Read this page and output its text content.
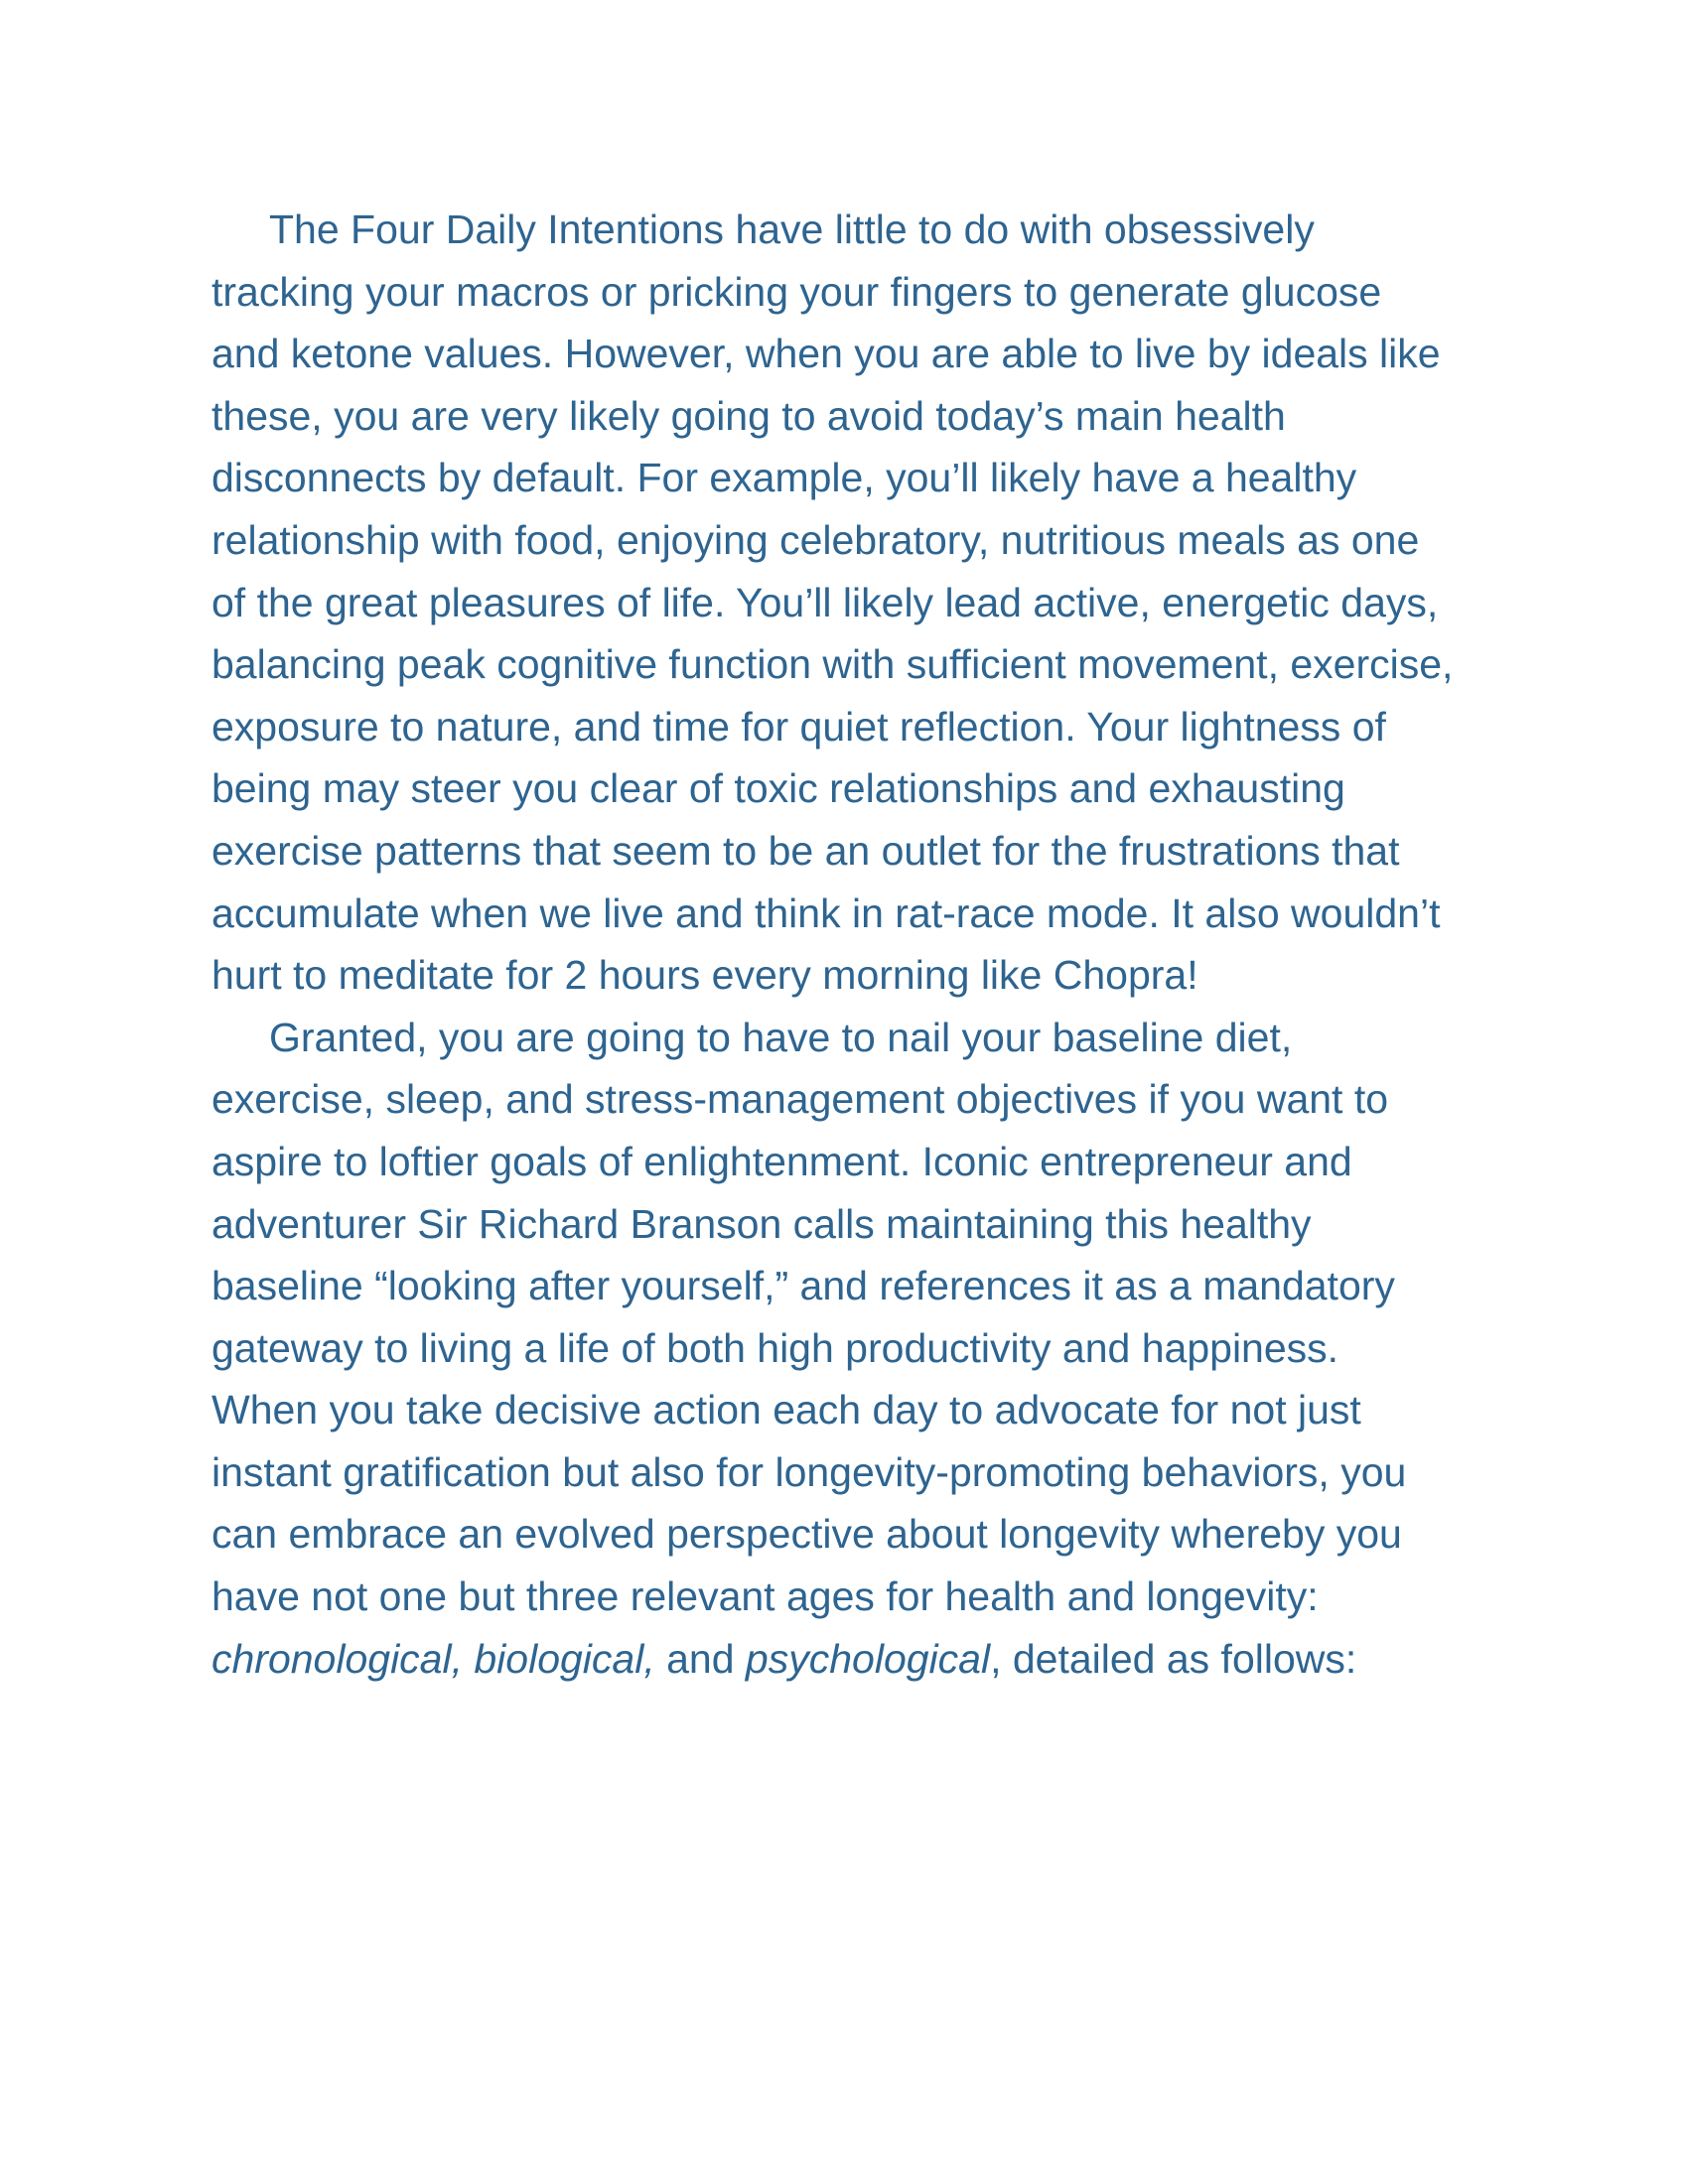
The Four Daily Intentions have little to do with obsessively
tracking your macros or pricking your fingers to generate glucose
and ketone values. However, when you are able to live by ideals like
these, you are very likely going to avoid today’s main health
disconnects by default. For example, you’ll likely have a healthy
relationship with food, enjoying celebratory, nutritious meals as one
of the great pleasures of life. You’ll likely lead active, energetic days,
balancing peak cognitive function with sufficient movement, exercise,
exposure to nature, and time for quiet reflection. Your lightness of
being may steer you clear of toxic relationships and exhausting
exercise patterns that seem to be an outlet for the frustrations that
accumulate when we live and think in rat-race mode. It also wouldn’t
hurt to meditate for 2 hours every morning like Chopra!
Granted, you are going to have to nail your baseline diet,
exercise, sleep, and stress-management objectives if you want to
aspire to loftier goals of enlightenment. Iconic entrepreneur and
adventurer Sir Richard Branson calls maintaining this healthy
baseline “looking after yourself,” and references it as a mandatory
gateway to living a life of both high productivity and happiness.
When you take decisive action each day to advocate for not just
instant gratification but also for longevity-promoting behaviors, you
can embrace an evolved perspective about longevity whereby you
have not one but three relevant ages for health and longevity:
chronological, biological, and psychological, detailed as follows:
